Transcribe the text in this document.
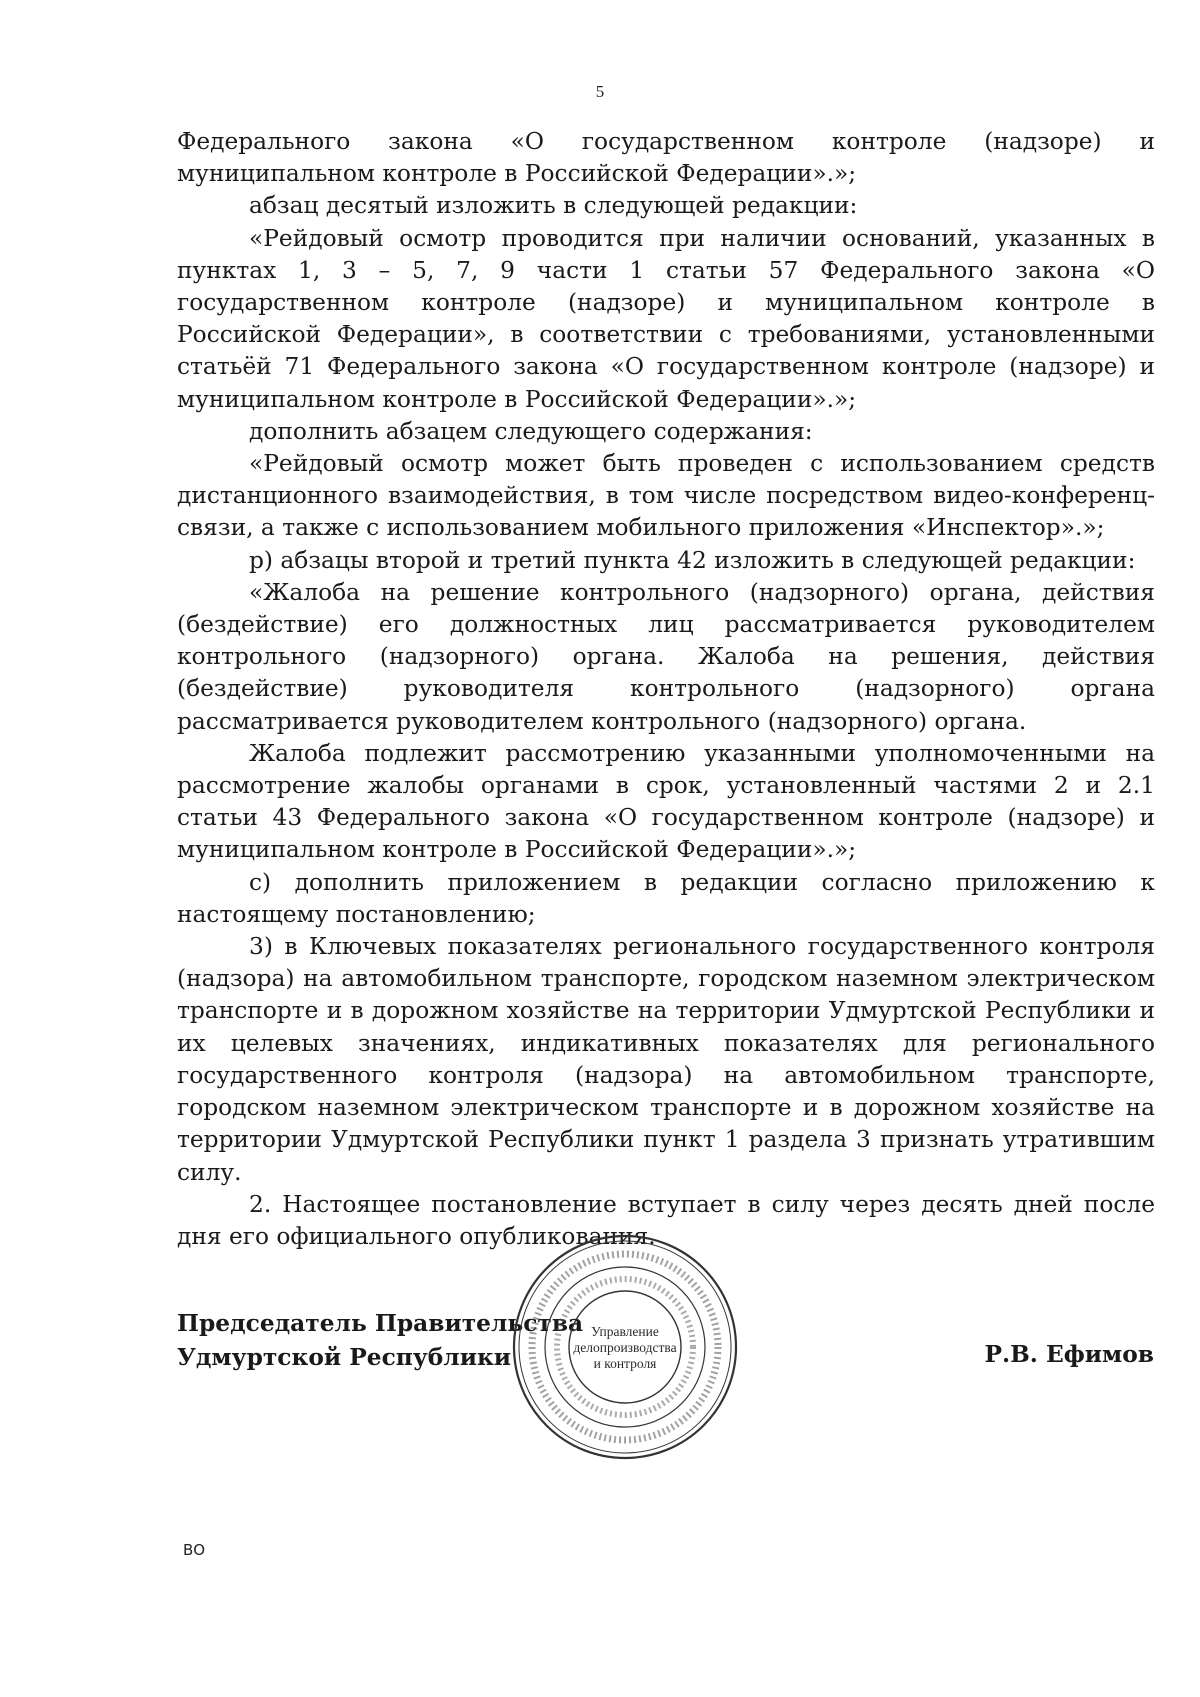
5

Федерального закона «О государственном контроле (надзоре) и муниципальном контроле в Российской Федерации».»;

абзац десятый изложить в следующей редакции:

«Рейдовый осмотр проводится при наличии оснований, указанных в пунктах 1, 3 – 5, 7, 9 части 1 статьи 57 Федерального закона «О государственном контроле (надзоре) и муниципальном контроле в Российской Федерации», в соответствии с требованиями, установленными статьёй 71 Федерального закона «О государственном контроле (надзоре) и муниципальном контроле в Российской Федерации».»;

дополнить абзацем следующего содержания:

«Рейдовый осмотр может быть проведен с использованием средств дистанционного взаимодействия, в том числе посредством видео-конференц-связи, а также с использованием мобильного приложения «Инспектор».»;

р) абзацы второй и третий пункта 42 изложить в следующей редакции:

«Жалоба на решение контрольного (надзорного) органа, действия (бездействие) его должностных лиц рассматривается руководителем контрольного (надзорного) органа. Жалоба на решения, действия (бездействие) руководителя контрольного (надзорного) органа рассматривается руководителем контрольного (надзорного) органа.

Жалоба подлежит рассмотрению указанными уполномоченными на рассмотрение жалобы органами в срок, установленный частями 2 и 2.1 статьи 43 Федерального закона «О государственном контроле (надзоре) и муниципальном контроле в Российской Федерации».»;

с) дополнить приложением в редакции согласно приложению к настоящему постановлению;

3) в Ключевых показателях регионального государственного контроля (надзора) на автомобильном транспорте, городском наземном электрическом транспорте и в дорожном хозяйстве на территории Удмуртской Республики и их целевых значениях, индикативных показателях для регионального государственного контроля (надзора) на автомобильном транспорте, городском наземном электрическом транспорте и в дорожном хозяйстве на территории Удмуртской Республики пункт 1 раздела 3 признать утратившим силу.

2. Настоящее постановление вступает в силу через десять дней после дня его официального опубликования.

Председатель Правительства
Удмуртской Республики	Р.В. Ефимов
Управление
делопроизводства
и контроля
ВО
